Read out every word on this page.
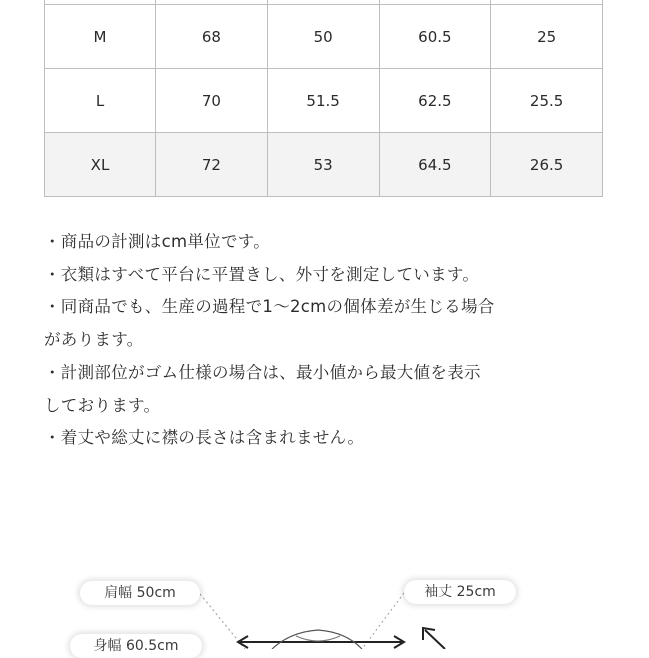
M	68	50	60.5	25
L	70	51.5	62.5	25.5
XL	72	53	64.5	26.5
・商品の計測はcm単位です。
・衣類はすべて平台に平置きし、外寸を測定しています。
・同商品でも、生産の過程で1〜2cmの個体差が生じる場合
があります。
・計測部位がゴム仕様の場合は、最小値から最大値を表示
しております。
・着丈や総丈に襟の長さは含まれません。
肩幅 50cm	袖丈 25cm
身幅 60.5cm
